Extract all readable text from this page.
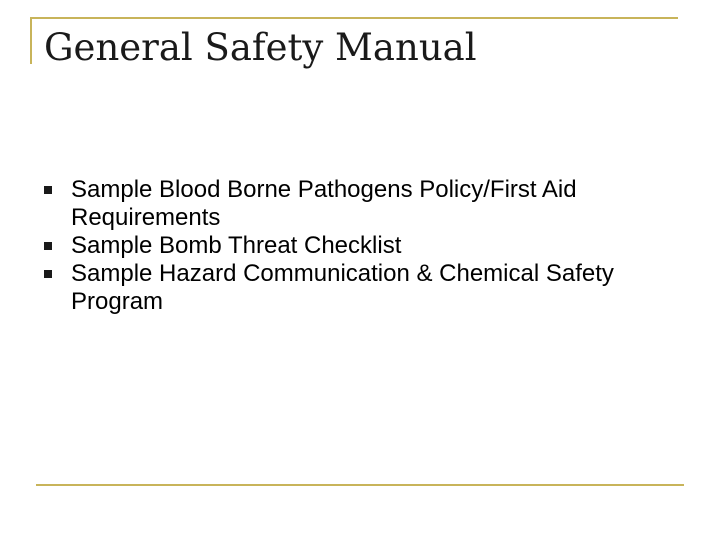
General Safety Manual
Sample Blood Borne Pathogens Policy/First Aid Requirements
Sample Bomb Threat Checklist
Sample Hazard Communication & Chemical Safety Program
